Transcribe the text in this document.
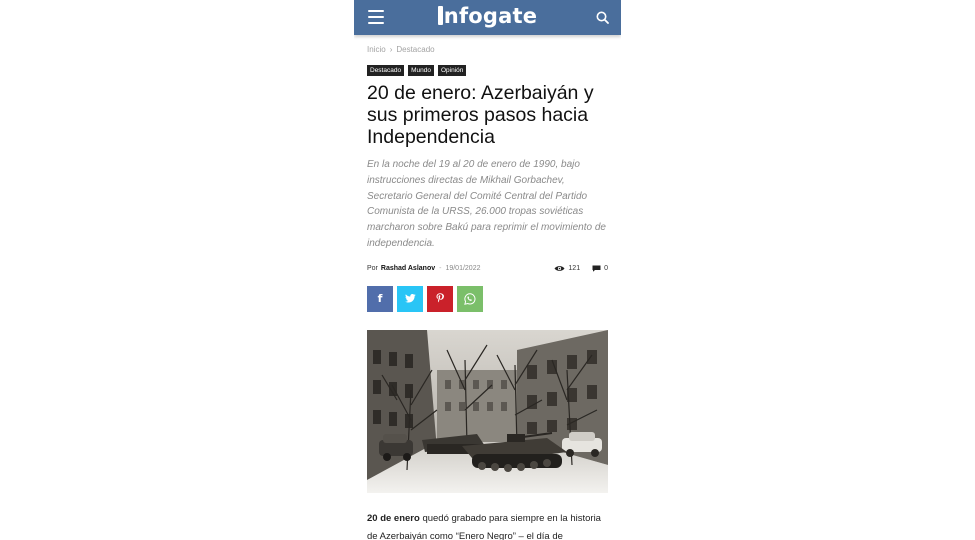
nfogate
Inicio › Destacado
Destacado	Mundo	Opinión
20 de enero: Azerbaiyán y sus primeros pasos hacia Independencia
En la noche del 19 al 20 de enero de 1990, bajo instrucciones directas de Mikhail Gorbachev, Secretario General del Comité Central del Partido Comunista de la URSS, 26.000 tropas soviéticas marcharon sobre Bakú para reprimir el movimiento de independencia.
Por Rashad Aslanov - 19/01/2022	121	0
f

20 de enero quedó grabado para siempre en la historia de Azerbaiyán como “Enero Negro” – el día de
